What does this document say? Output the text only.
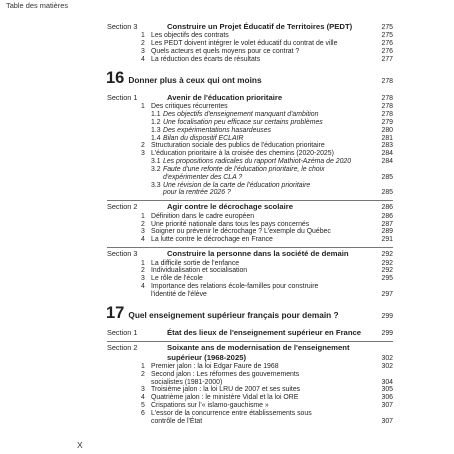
Table des matières
Section 3	Construire un Projet Éducatif de Territoires (PEDT)	275
1 Les objectifs des contrats	275
2 Les PEDT doivent intégrer le volet éducatif du contrat de ville	276
3 Quels acteurs et quels moyens pour ce contrat ?	276
4 La réduction des écarts de résultats	277
16 Donner plus à ceux qui ont moins	278
Section 1	Avenir de l'éducation prioritaire	278
1 Des critiques récurrentes	278
1.1 Des objectifs d'enseignement manquant d'ambition	278
1.2 Une focalisation peu efficace sur certains problèmes	279
1.3 Des expérimentations hasardeuses	280
1.4 Bilan du dispositif ECLAIR	281
2 Structuration sociale des publics de l'éducation prioritaire	283
3 L'éducation prioritaire à la croisée des chemins (2020-2025)	284
3.1 Les propositions radicales du rapport Mathiot-Azéma de 2020	284
3.2 Faute d'une refonte de l'éducation prioritaire, le choix
d'expérimenter des CLA ?	285
3.3 Une révision de la carte de l'éducation prioritaire
pour la rentrée 2026 ?	285
Section 2	Agir contre le décrochage scolaire	286
1 Définition dans le cadre européen	286
2 Une priorité nationale dans tous les pays concernés	287
3 Soigner ou prévenir le décrochage ? L'exemple du Québec	289
4 La lutte contre le décrochage en France	291
Section 3	Construire la personne dans la société de demain	292
1 La difficile sortie de l'enfance	292
2 Individualisation et socialisation	292
3 Le rôle de l'école	295
4 Importance des relations école-familles pour construire
l'identité de l'élève	297
17 Quel enseignement supérieur français pour demain ?	299
Section 1	État des lieux de l'enseignement supérieur en France	299
Section 2	Soixante ans de modernisation de l'enseignement
supérieur (1968-2025)	302
1 Premier jalon : la loi Edgar Faure de 1968	302
2 Second jalon : Les réformes des gouvernements
socialistes (1981-2000)	304
3 Troisième jalon : la loi LRU de 2007 et ses suites	305
4 Quatrième jalon : le ministère Vidal et la loi ORE	306
5 Crispations sur l'« islamo-gauchisme »	307
6 L'essor de la concurrence entre établissements sous
contrôle de l'État	307
X
